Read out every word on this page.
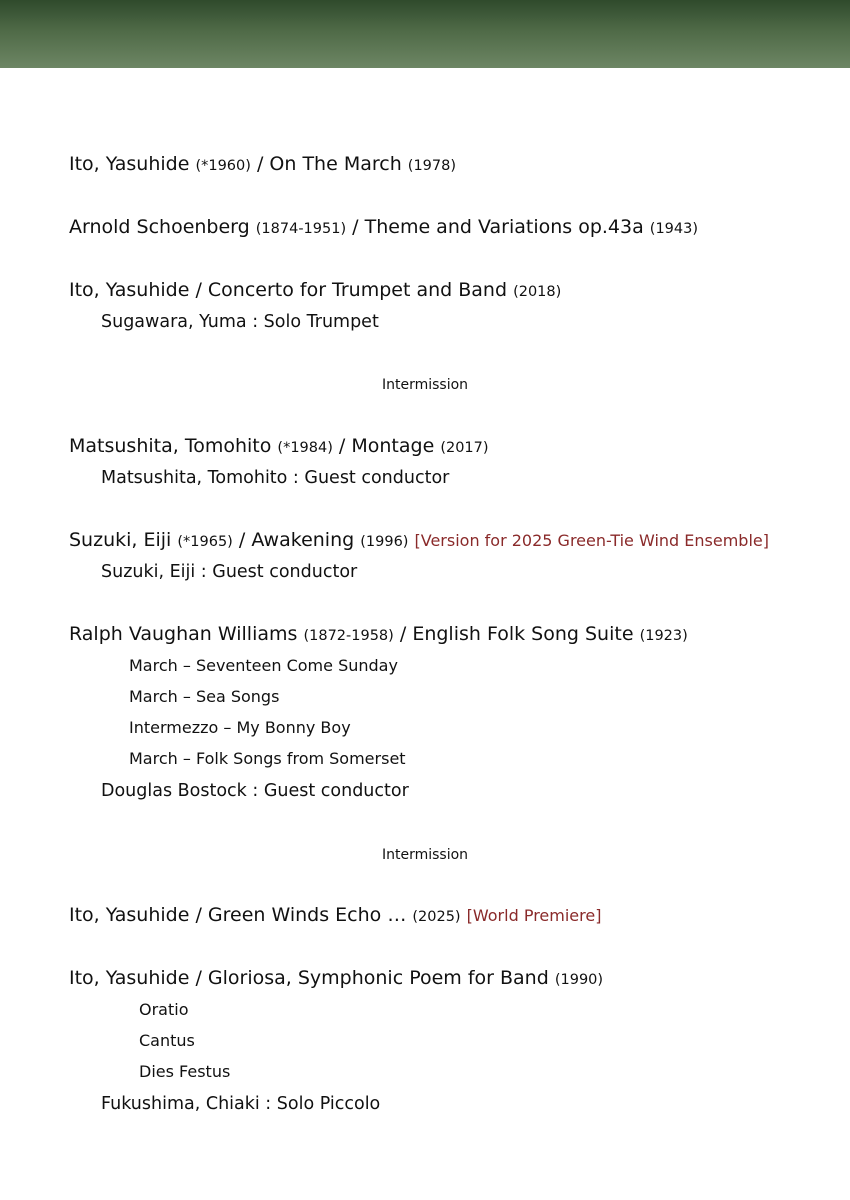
Ito, Yasuhide (*1960) / On The March (1978)
Arnold Schoenberg (1874-1951) / Theme and Variations op.43a (1943)
Ito, Yasuhide / Concerto for Trumpet and Band (2018)
Sugawara, Yuma : Solo Trumpet
Intermission
Matsushita, Tomohito (*1984) / Montage (2017)
Matsushita, Tomohito : Guest conductor
Suzuki, Eiji (*1965) / Awakening (1996) [Version for 2025 Green-Tie Wind Ensemble]
Suzuki, Eiji : Guest conductor
Ralph Vaughan Williams (1872-1958) / English Folk Song Suite (1923)
March – Seventeen Come Sunday
March – Sea Songs
Intermezzo – My Bonny Boy
March – Folk Songs from Somerset
Douglas Bostock : Guest conductor
Intermission
Ito, Yasuhide / Green Winds Echo … (2025) [World Premiere]
Ito, Yasuhide / Gloriosa, Symphonic Poem for Band (1990)
Oratio
Cantus
Dies Festus
Fukushima, Chiaki : Solo Piccolo
